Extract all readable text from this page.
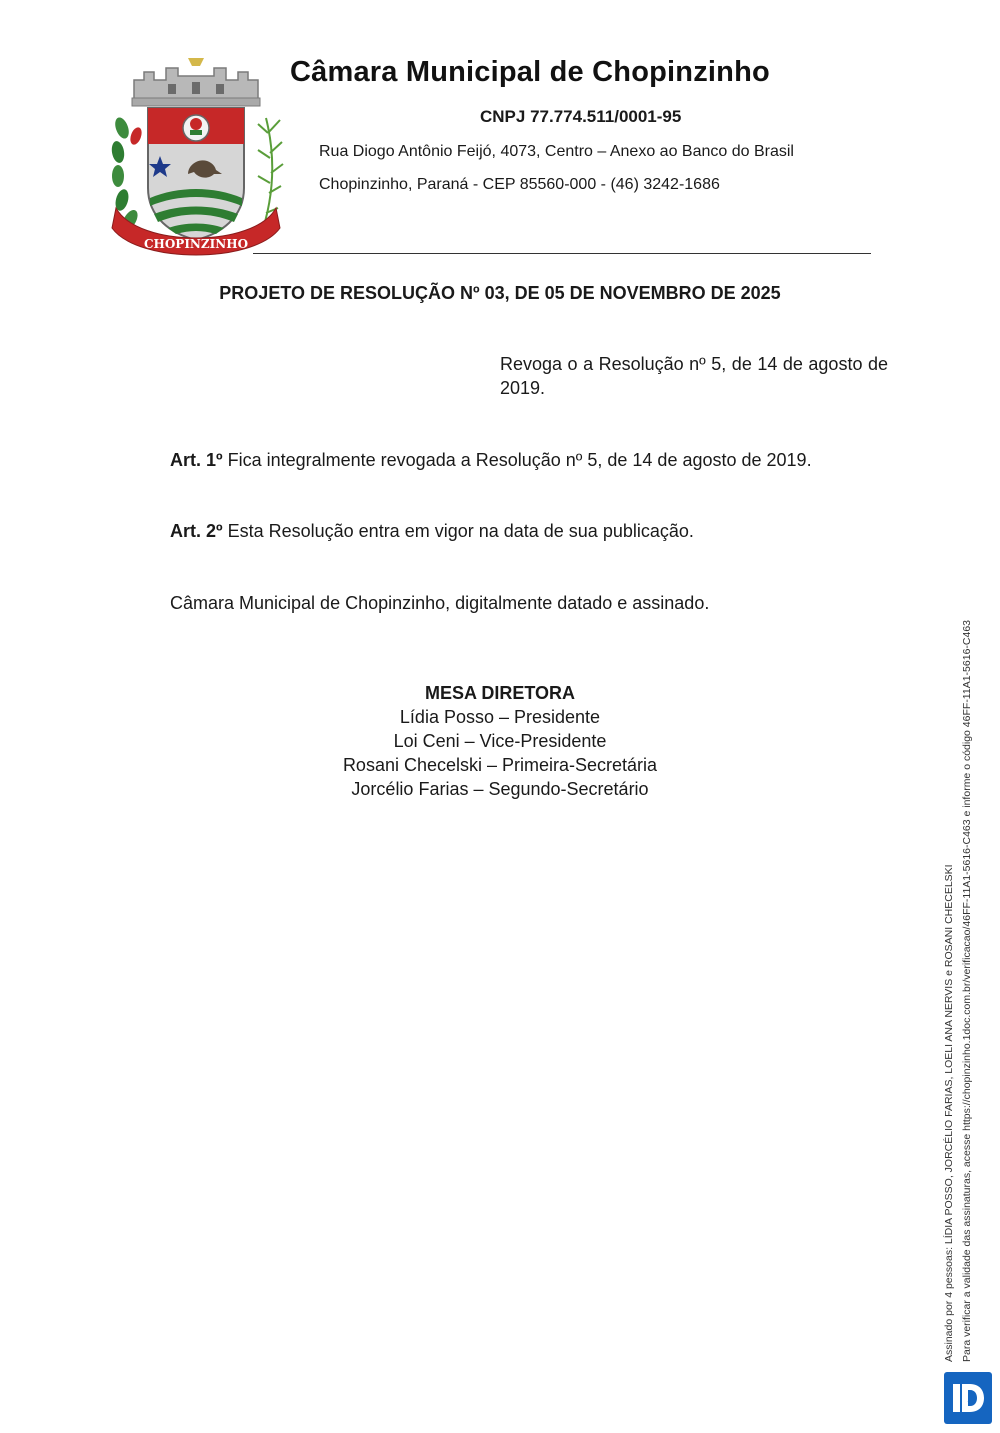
CHOPINZINHO
Câmara Municipal de Chopinzinho
CNPJ 77.774.511/0001-95
Rua Diogo Antônio Feijó, 4073, Centro – Anexo ao Banco do Brasil
Chopinzinho, Paraná - CEP 85560-000 - (46) 3242-1686
PROJETO DE RESOLUÇÃO Nº 03, DE 05 DE NOVEMBRO DE 2025
Revoga o a Resolução nº 5, de 14 de agosto de 2019.
Art. 1º Fica integralmente revogada a Resolução nº 5, de 14 de agosto de 2019.
Art. 2º Esta Resolução entra em vigor na data de sua publicação.
Câmara Municipal de Chopinzinho, digitalmente datado e assinado.
MESA DIRETORA
Lídia Posso – Presidente
Loi Ceni – Vice-Presidente
Rosani Checelski – Primeira-Secretária
Jorcélio Farias – Segundo-Secretário
Assinado por 4 pessoas: LÍDIA POSSO, JORCÉLIO FARIAS, LOELI ANA NERVIS e ROSANI CHECELSKI Para verificar a validade das assinaturas, acesse https://chopinzinho.1doc.com.br/verificacao/46FF-11A1-5616-C463 e informe o código 46FF-11A1-5616-C463
1D
